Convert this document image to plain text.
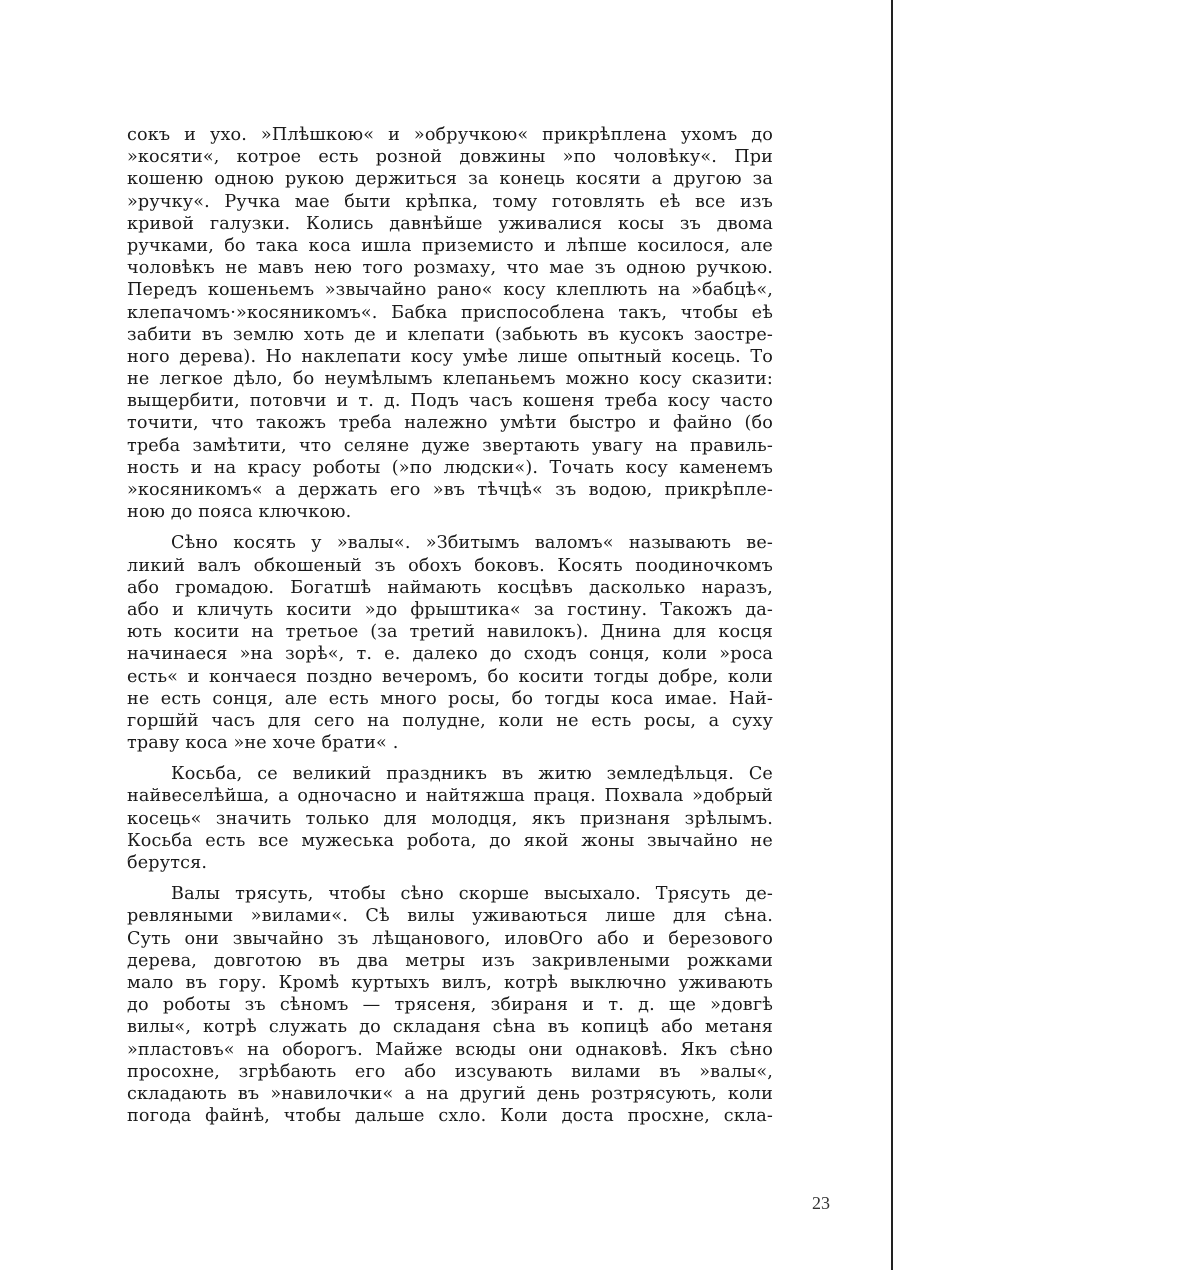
сокъ и ухо. »Плѣшкою« и »обручкою« прикрѣплена ухомъ до
»косяти«, котрое есть розной довжины »по чоловѣку«. При
кошеню одною рукою держиться за конець косяти а другою за
»ручку«. Ручка мае быти крѣпка, тому готовлять еѣ все изъ
кривой галузки. Колись давнѣйше уживалися косы зъ двома
ручками, бо така коса ишла приземисто и лѣпше косилося, але
чоловѣкъ не мавъ нею того розмаху, что мае зъ одною ручкою.
Передъ кошеньемъ »звычайно рано« косу клеплють на »бабцѣ«,
клепачомъ·»косяникомъ«. Бабка приспособлена такъ, чтобы еѣ
забити въ землю хоть де и клепати (забьють въ кусокъ заостре-
ного дерева). Но наклепати косу умѣе лише опытный косець. То
не легкое дѣло, бо неумѣлымъ клепаньемъ можно косу сказити:
выщербити, потовчи и т. д. Подъ часъ кошеня треба косу часто
точити, что такожъ треба належно умѣти быстро и файно (бо
треба замѣтити, что селяне дуже звертають увагу на правиль-
ность и на красу роботы (»по людски«). Точать косу каменемъ
»косяникомъ« а держать его »въ тѣчцѣ« зъ водою, прикрѣпле-
ною до пояса ключкою.
Сѣно косять у »валы«. »Збитымъ валомъ« называють ве-
ликий валъ обкошеный зъ обохъ боковъ. Косять поодиночкомъ
або громадою. Богатшѣ наймають косцѣвъ дасколько наразъ,
або и кличуть косити »до фрыштика« за гостину. Такожъ да-
ють косити на третьое (за третий навилокъ). Днина для косця
начинаеся »на зорѣ«, т. е. далеко до сходъ сонця, коли »роса
есть« и кончаеся поздно вечеромъ, бо косити тогды добре, коли
не есть сонця, але есть много росы, бо тогды коса имае. Най-
горшйй часъ для сего на полудне, коли не есть росы, а суху
траву коса »не хоче брати« .
Косьба, се великий праздникъ въ житю земледѣльця. Се
найвеселѣйша, а одночасно и найтяжша праця. Похвала »добрый
косець« значить только для молодця, якъ признаня зрѣлымъ.
Косьба есть все мужеська робота, до якой жоны звычайно не
берутся.
Валы трясуть, чтобы сѣно скорше высыхало. Трясуть де-
ревляными »вилами«. Сѣ вилы уживаються лише для сѣна.
Суть они звычайно зъ лѣщанового, иловОго або и березового
дерева, довготою въ два метры изъ закривлеными рожками
мало въ гору. Кромѣ куртыхъ вилъ, котрѣ выключно уживають
до роботы зъ сѣномъ — трясеня, збираня и т. д. ще »довгѣ
вилы«, котрѣ служать до складаня сѣна въ копицѣ або метаня
»пластовъ« на оборогъ. Майже всюды они однаковѣ. Якъ сѣно
просохне, згрѣбають его або изсувають вилами въ »валы«,
складають въ »навилочки« а на другий день розтрясують, коли
погода файнѣ, чтобы дальше схло. Коли доста просхне, скла-
23
